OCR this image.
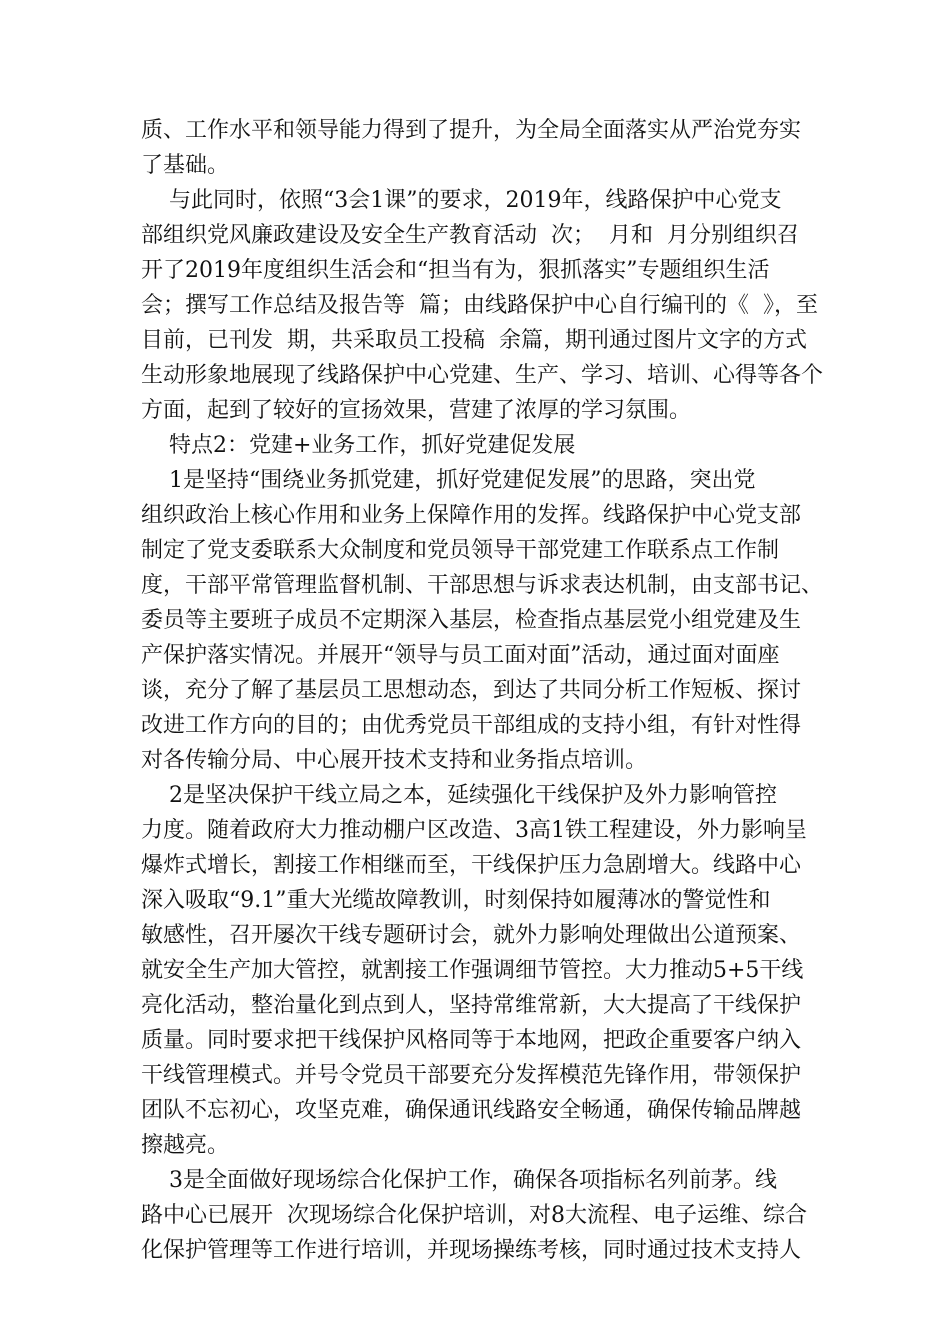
质、工作水平和领导能力得到了提升，为全局全面落实从严治党夯实
了基础。
与此同时，依照“3会1课”的要求，2019年，线路保护中心党支
部组织党风廉政建设及安全生产教育活动  次；  月和  月分别组织召
开了2019年度组织生活会和“担当有为，狠抓落实”专题组织生活
会；撰写工作总结及报告等  篇；由线路保护中心自行编刊的《  》，至
目前，已刊发  期，共采取员工投稿  余篇，期刊通过图片文字的方式
生动形象地展现了线路保护中心党建、生产、学习、培训、心得等各个
方面，起到了较好的宣扬效果，营建了浓厚的学习氛围。
特点2：党建+业务工作，抓好党建促发展
1是坚持“围绕业务抓党建，抓好党建促发展”的思路，突出党
组织政治上核心作用和业务上保障作用的发挥。线路保护中心党支部
制定了党支委联系大众制度和党员领导干部党建工作联系点工作制
度，干部平常管理监督机制、干部思想与诉求表达机制，由支部书记、
委员等主要班子成员不定期深入基层，检查指点基层党小组党建及生
产保护落实情况。并展开“领导与员工面对面”活动，通过面对面座
谈，充分了解了基层员工思想动态，到达了共同分析工作短板、探讨
改进工作方向的目的；由优秀党员干部组成的支持小组，有针对性得
对各传输分局、中心展开技术支持和业务指点培训。
2是坚决保护干线立局之本，延续强化干线保护及外力影响管控
力度。随着政府大力推动棚户区改造、3高1铁工程建设，外力影响呈
爆炸式增长，割接工作相继而至，干线保护压力急剧增大。线路中心
深入吸取“9.1”重大光缆故障教训，时刻保持如履薄冰的警觉性和
敏感性，召开屡次干线专题研讨会，就外力影响处理做出公道预案、
就安全生产加大管控，就割接工作强调细节管控。大力推动5+5干线
亮化活动，整治量化到点到人，坚持常维常新，大大提高了干线保护
质量。同时要求把干线保护风格同等于本地网，把政企重要客户纳入
干线管理模式。并号令党员干部要充分发挥模范先锋作用，带领保护
团队不忘初心，攻坚克难，确保通讯线路安全畅通，确保传输品牌越
擦越亮。
3是全面做好现场综合化保护工作，确保各项指标名列前茅。线
路中心已展开  次现场综合化保护培训，对8大流程、电子运维、综合
化保护管理等工作进行培训，并现场操练考核，同时通过技术支持人
